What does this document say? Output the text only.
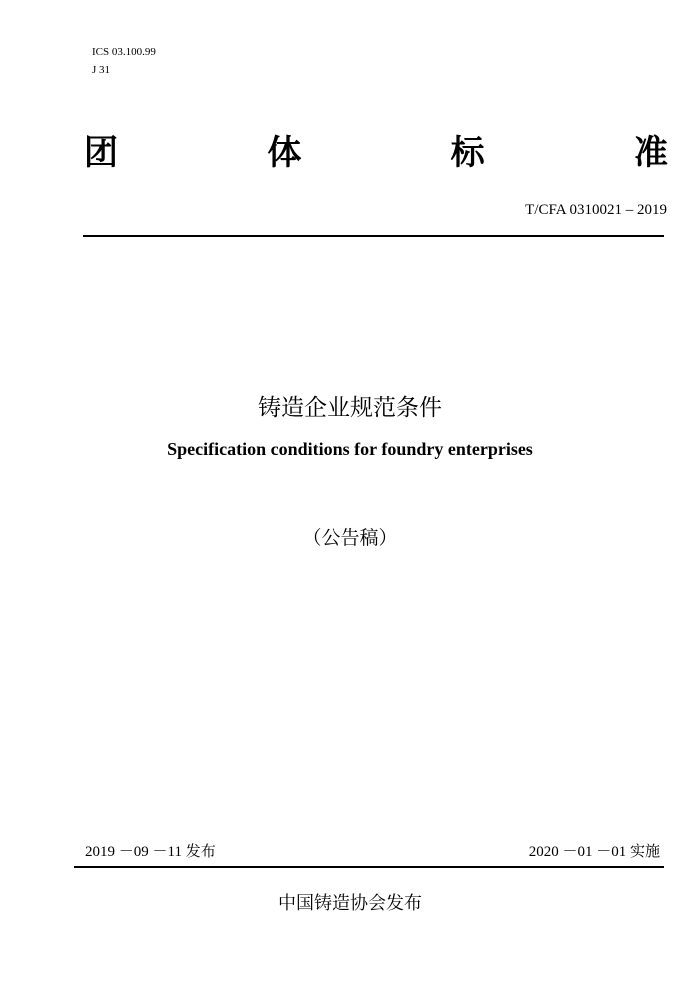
ICS 03.100.99
J 31
团	体	标	准
T/CFA 0310021 – 2019
铸造企业规范条件
Specification conditions for foundry enterprises
（公告稿）
2019 －09 －11 发布	2020 －01 －01 实施
中国铸造协会发布
